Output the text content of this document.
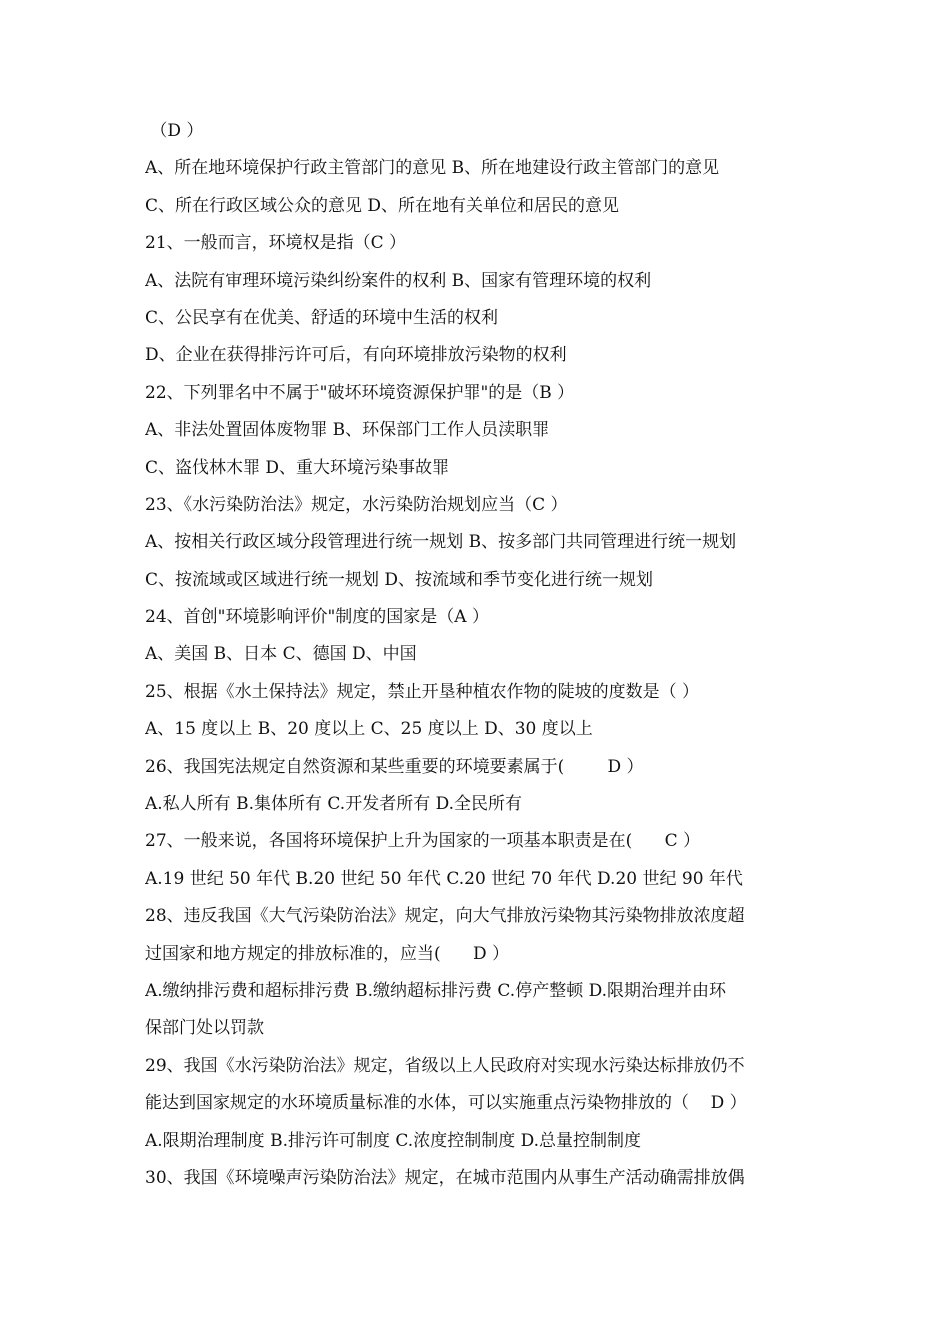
（D ）
A、所在地环境保护行政主管部门的意见 B、所在地建设行政主管部门的意见
C、所在行政区域公众的意见 D、所在地有关单位和居民的意见
21、一般而言，环境权是指（C ）
A、法院有审理环境污染纠纷案件的权利 B、国家有管理环境的权利
C、公民享有在优美、舒适的环境中生活的权利
D、企业在获得排污许可后，有向环境排放污染物的权利
22、下列罪名中不属于"破坏环境资源保护罪"的是（B ）
A、非法处置固体废物罪 B、环保部门工作人员渎职罪
C、盗伐林木罪 D、重大环境污染事故罪
23、《水污染防治法》规定，水污染防治规划应当（C ）
A、按相关行政区域分段管理进行统一规划 B、按多部门共同管理进行统一规划
C、按流域或区域进行统一规划 D、按流域和季节变化进行统一规划
24、首创"环境影响评价"制度的国家是（A ）
A、美国 B、日本 C、德国 D、中国
25、根据《水土保持法》规定，禁止开垦种植农作物的陡坡的度数是（ ）
A、15 度以上 B、20 度以上 C、25 度以上 D、30 度以上
26、我国宪法规定自然资源和某些重要的环境要素属于(        D ）
A.私人所有 B.集体所有 C.开发者所有 D.全民所有
27、一般来说，各国将环境保护上升为国家的一项基本职责是在(      C ）
A.19 世纪 50 年代 B.20 世纪 50 年代 C.20 世纪 70 年代 D.20 世纪 90 年代
28、违反我国《大气污染防治法》规定，向大气排放污染物其污染物排放浓度超
过国家和地方规定的排放标准的，应当(      D ）
A.缴纳排污费和超标排污费 B.缴纳超标排污费 C.停产整顿 D.限期治理并由环
保部门处以罚款
29、我国《水污染防治法》规定，省级以上人民政府对实现水污染达标排放仍不
能达到国家规定的水环境质量标准的水体，可以实施重点污染物排放的（    D ）
A.限期治理制度 B.排污许可制度 C.浓度控制制度 D.总量控制制度
30、我国《环境噪声污染防治法》规定，在城市范围内从事生产活动确需排放偶
